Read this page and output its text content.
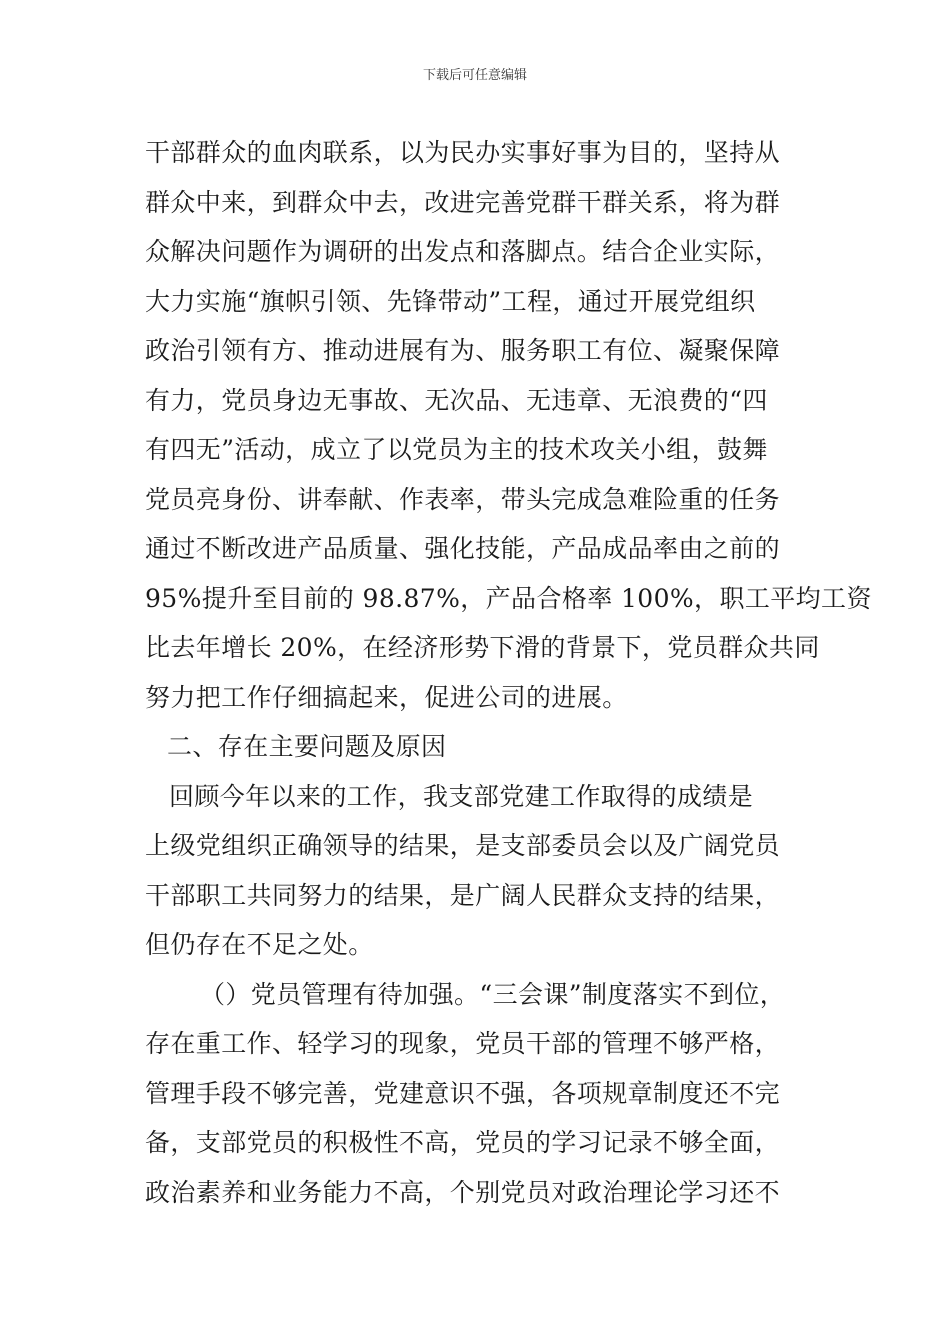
下载后可任意编辑
干部群众的血肉联系，以为民办实事好事为目的，坚持从
群众中来，到群众中去，改进完善党群干群关系，将为群
众解决问题作为调研的出发点和落脚点。结合企业实际，
大力实施“旗帜引领、先锋带动”工程，通过开展党组织
政治引领有方、推动进展有为、服务职工有位、凝聚保障
有力，党员身边无事故、无次品、无违章、无浪费的“四
有四无”活动，成立了以党员为主的技术攻关小组，鼓舞
党员亮身份、讲奉献、作表率，带头完成急难险重的任务
通过不断改进产品质量、强化技能，产品成品率由之前的
95%提升至目前的 98.87%，产品合格率 100%，职工平均工资
比去年增长 20%，在经济形势下滑的背景下，党员群众共同
努力把工作仔细搞起来，促进公司的进展。
二、存在主要问题及原因
回顾今年以来的工作，我支部党建工作取得的成绩是
上级党组织正确领导的结果，是支部委员会以及广阔党员
干部职工共同努力的结果，是广阔人民群众支持的结果，
但仍存在不足之处。
（）党员管理有待加强。“三会课”制度落实不到位，
存在重工作、轻学习的现象，党员干部的管理不够严格，
管理手段不够完善，党建意识不强，各项规章制度还不完
备，支部党员的积极性不高，党员的学习记录不够全面，
政治素养和业务能力不高，个别党员对政治理论学习还不
